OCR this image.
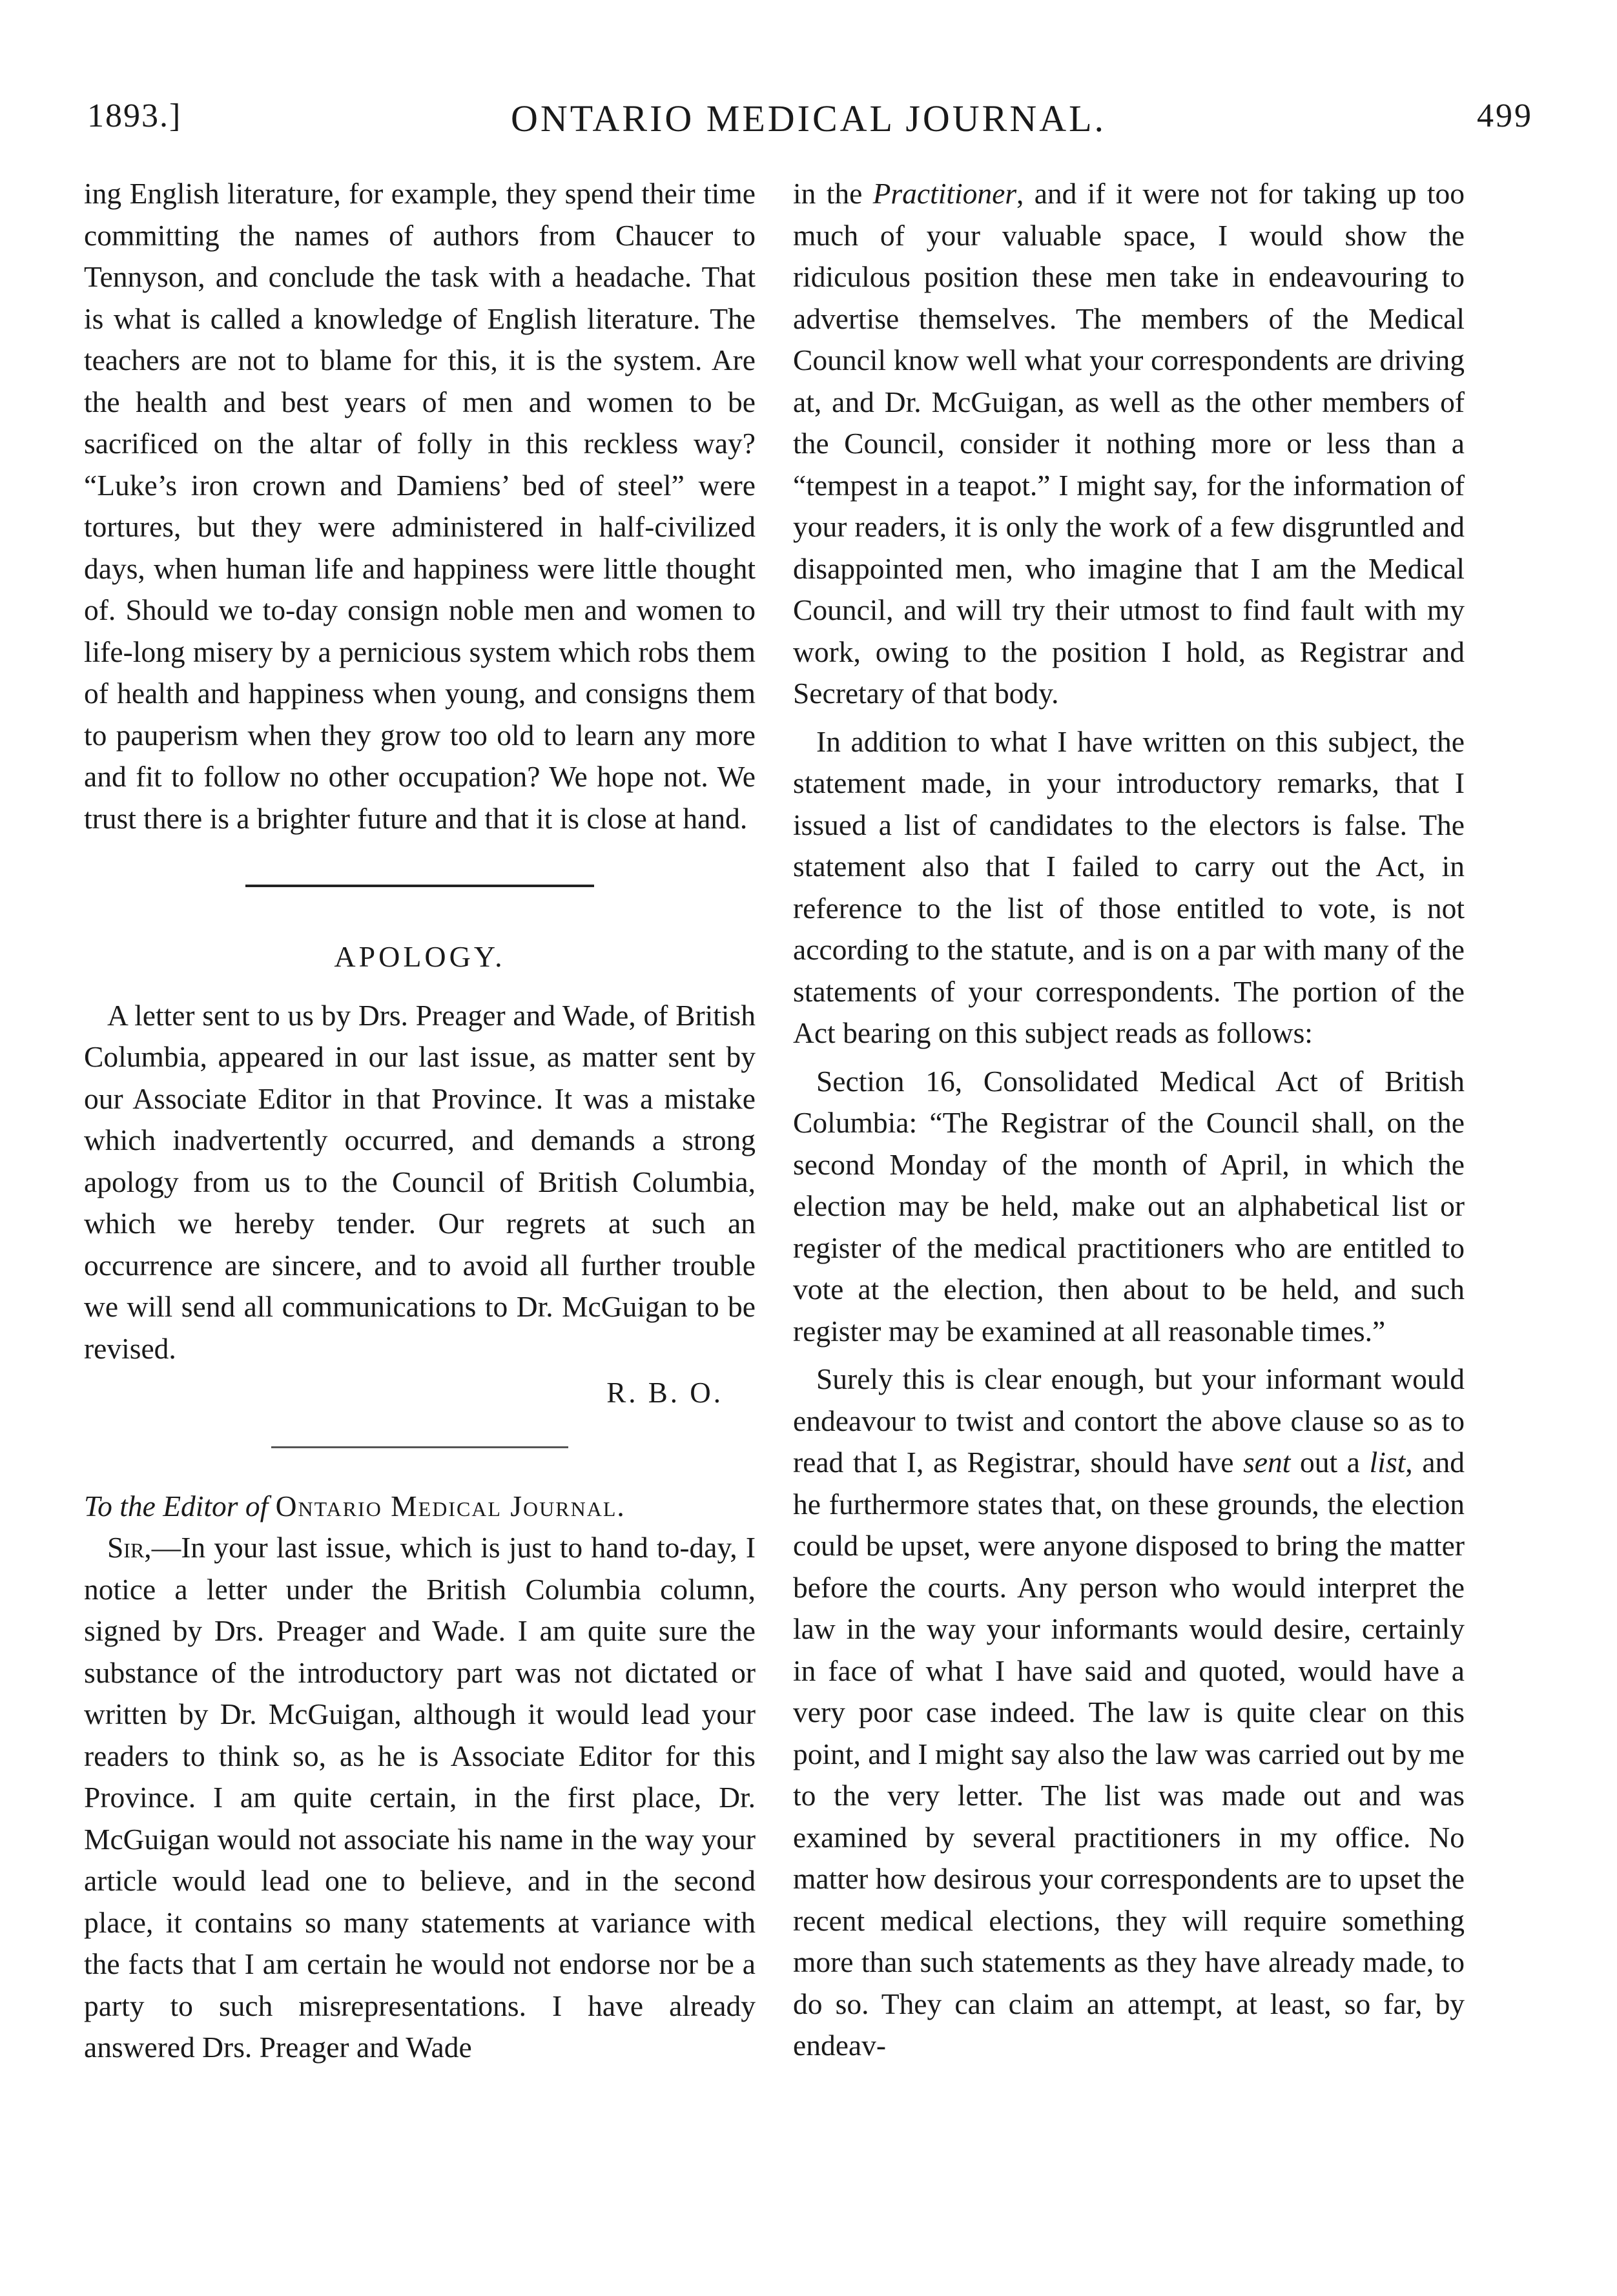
1893.]	ONTARIO MEDICAL JOURNAL.	499

ing English literature, for example, they spend their time committing the names of authors from Chaucer to Tennyson, and conclude the task with a headache. That is what is called a knowledge of English literature. The teachers are not to blame for this, it is the system. Are the health and best years of men and women to be sacrificed on the altar of folly in this reckless way? “Luke’s iron crown and Damiens’ bed of steel” were tortures, but they were administered in half-civilized days, when human life and happiness were little thought of. Should we to-day consign noble men and women to life-long misery by a pernicious system which robs them of health and happiness when young, and consigns them to pauperism when they grow too old to learn any more and fit to follow no other occupation? We hope not. We trust there is a brighter future and that it is close at hand.

APOLOGY.

A letter sent to us by Drs. Preager and Wade, of British Columbia, appeared in our last issue, as matter sent by our Associate Editor in that Province. It was a mistake which inadvertently occurred, and demands a strong apology from us to the Council of British Columbia, which we hereby tender. Our regrets at such an occurrence are sincere, and to avoid all further trouble we will send all communications to Dr. McGuigan to be revised.

R. B. O.

To the Editor of Ontario Medical Journal.

Sir,—In your last issue, which is just to hand to-day, I notice a letter under the British Columbia column, signed by Drs. Preager and Wade. I am quite sure the substance of the introductory part was not dictated or written by Dr. McGuigan, although it would lead your readers to think so, as he is Associate Editor for this Province. I am quite certain, in the first place, Dr. McGuigan would not associate his name in the way your article would lead one to believe, and in the second place, it contains so many statements at variance with the facts that I am certain he would not endorse nor be a party to such misrepresentations. I have already answered Drs. Preager and Wade

in the Practitioner, and if it were not for taking up too much of your valuable space, I would show the ridiculous position these men take in endeavouring to advertise themselves. The members of the Medical Council know well what your correspondents are driving at, and Dr. McGuigan, as well as the other members of the Council, consider it nothing more or less than a “tempest in a teapot.” I might say, for the information of your readers, it is only the work of a few disgruntled and disappointed men, who imagine that I am the Medical Council, and will try their utmost to find fault with my work, owing to the position I hold, as Registrar and Secretary of that body.

In addition to what I have written on this subject, the statement made, in your introductory remarks, that I issued a list of candidates to the electors is false. The statement also that I failed to carry out the Act, in reference to the list of those entitled to vote, is not according to the statute, and is on a par with many of the statements of your correspondents. The portion of the Act bearing on this subject reads as follows:

Section 16, Consolidated Medical Act of British Columbia: “The Registrar of the Council shall, on the second Monday of the month of April, in which the election may be held, make out an alphabetical list or register of the medical practitioners who are entitled to vote at the election, then about to be held, and such register may be examined at all reasonable times.”

Surely this is clear enough, but your informant would endeavour to twist and contort the above clause so as to read that I, as Registrar, should have sent out a list, and he furthermore states that, on these grounds, the election could be upset, were anyone disposed to bring the matter before the courts. Any person who would interpret the law in the way your informants would desire, certainly in face of what I have said and quoted, would have a very poor case indeed. The law is quite clear on this point, and I might say also the law was carried out by me to the very letter. The list was made out and was examined by several practitioners in my office. No matter how desirous your correspondents are to upset the recent medical elections, they will require something more than such statements as they have already made, to do so. They can claim an attempt, at least, so far, by endeav-
